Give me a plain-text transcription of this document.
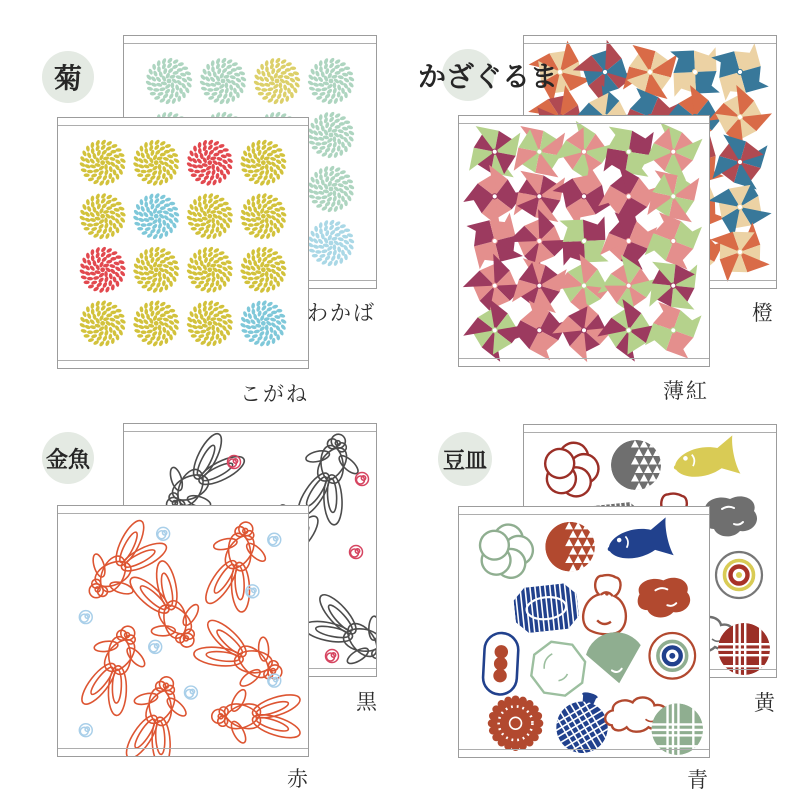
わかば
こがね
菊
橙
薄紅
かざぐるま
黒
赤
金魚
黄
青
豆皿
